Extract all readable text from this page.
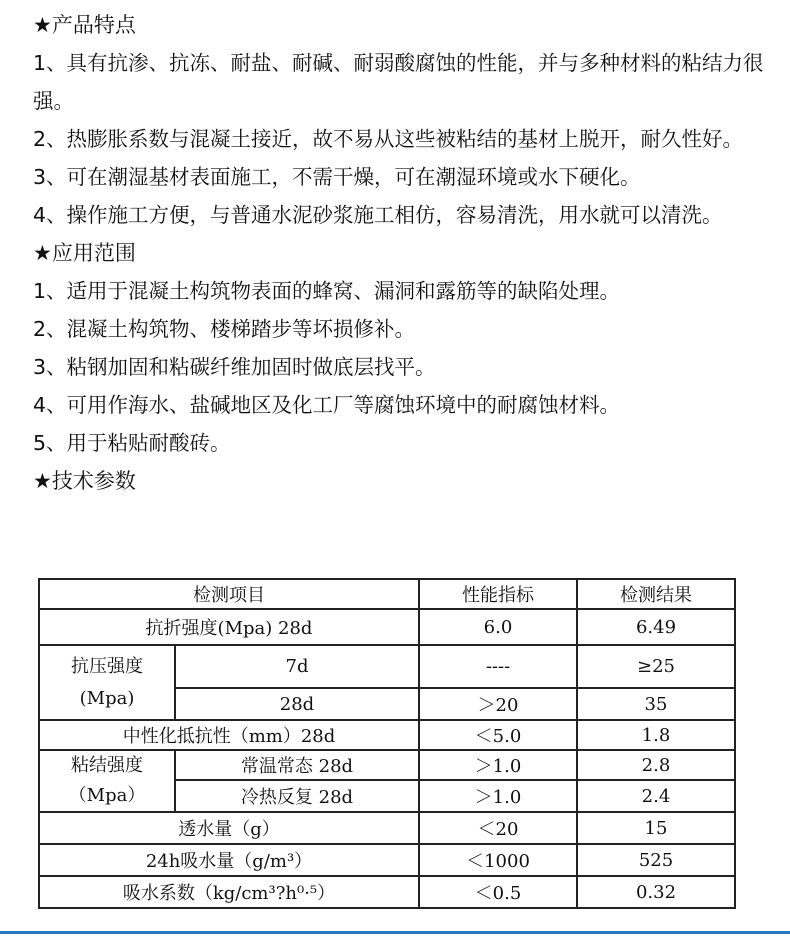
★产品特点
1、具有抗渗、抗冻、耐盐、耐碱、耐弱酸腐蚀的性能，并与多种材料的粘结力很强。
2、热膨胀系数与混凝土接近，故不易从这些被粘结的基材上脱开，耐久性好。
3、可在潮湿基材表面施工，不需干燥，可在潮湿环境或水下硬化。
4、操作施工方便，与普通水泥砂浆施工相仿，容易清洗，用水就可以清洗。
★应用范围
1、适用于混凝土构筑物表面的蜂窝、漏洞和露筋等的缺陷处理。
2、混凝土构筑物、楼梯踏步等坏损修补。
3、粘钢加固和粘碳纤维加固时做底层找平。
4、可用作海水、盐碱地区及化工厂等腐蚀环境中的耐腐蚀材料。
5、用于粘贴耐酸砖。
★技术参数
检测项目		性能指标	检测结果
抗折强度(Mpa) 28d		6.0	6.49

抗压强度
(Mpa)	7d	----	≥25
	28d	＞20	35
中性化抵抗性（mm）28d		＜5.0	1.8

粘结强度
（Mpa）	常温常态 28d	＞1.0	2.8
	冷热反复 28d	＞1.0	2.4
透水量（g）		＜20	15
24h吸水量（g/m³）		＜1000	525
吸水系数（kg/cm³?h⁰·⁵）		＜0.5	0.32
